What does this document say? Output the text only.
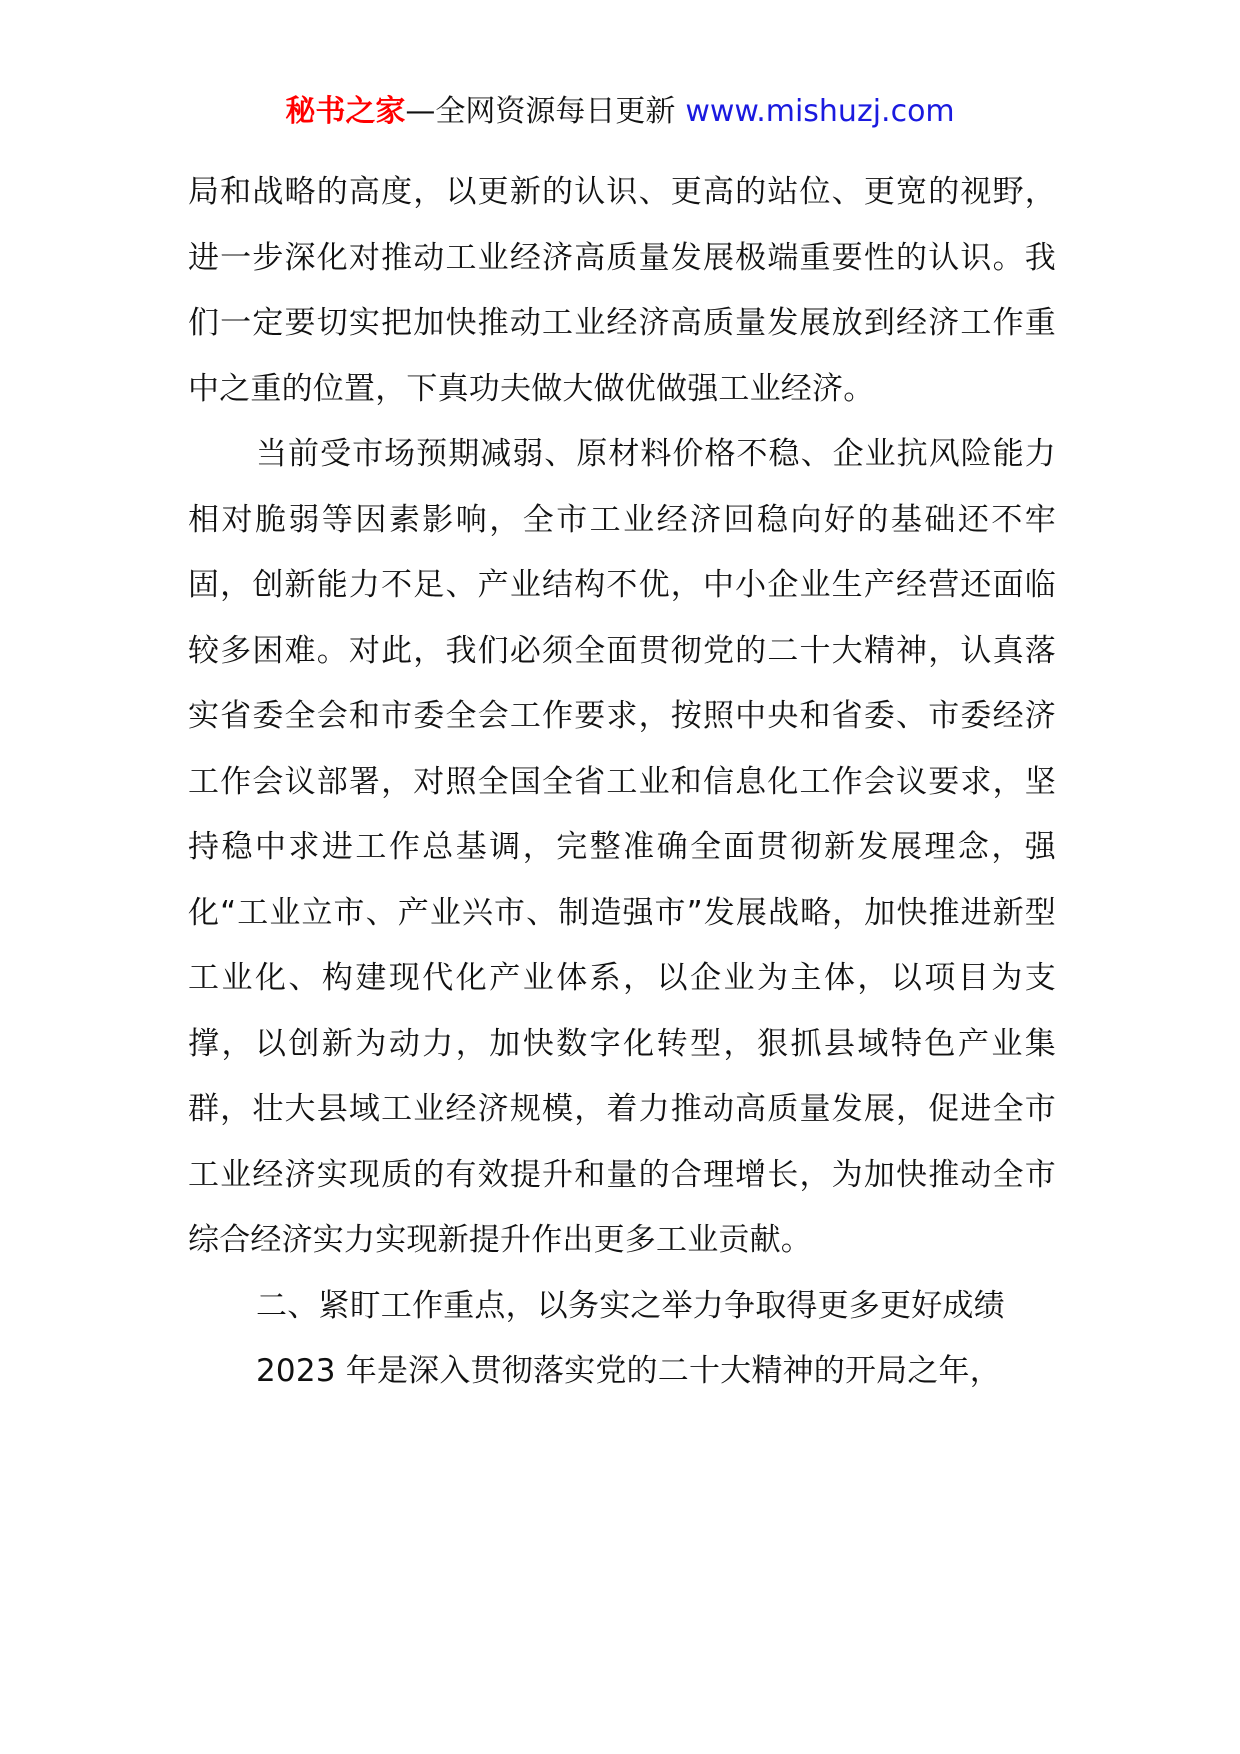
秘书之家—全网资源每日更新 www.mishuzj.com

局和战略的高度，以更新的认识、更高的站位、更宽的视野，进一步深化对推动工业经济高质量发展极端重要性的认识。我们一定要切实把加快推动工业经济高质量发展放到经济工作重中之重的位置，下真功夫做大做优做强工业经济。

当前受市场预期减弱、原材料价格不稳、企业抗风险能力相对脆弱等因素影响，全市工业经济回稳向好的基础还不牢固，创新能力不足、产业结构不优，中小企业生产经营还面临较多困难。对此，我们必须全面贯彻党的二十大精神，认真落实省委全会和市委全会工作要求，按照中央和省委、市委经济工作会议部署，对照全国全省工业和信息化工作会议要求，坚持稳中求进工作总基调，完整准确全面贯彻新发展理念，强化“工业立市、产业兴市、制造强市”发展战略，加快推进新型工业化、构建现代化产业体系，以企业为主体，以项目为支撑，以创新为动力，加快数字化转型，狠抓县域特色产业集群，壮大县域工业经济规模，着力推动高质量发展，促进全市工业经济实现质的有效提升和量的合理增长，为加快推动全市综合经济实力实现新提升作出更多工业贡献。

二、紧盯工作重点，以务实之举力争取得更多更好成绩

2023 年是深入贯彻落实党的二十大精神的开局之年，
